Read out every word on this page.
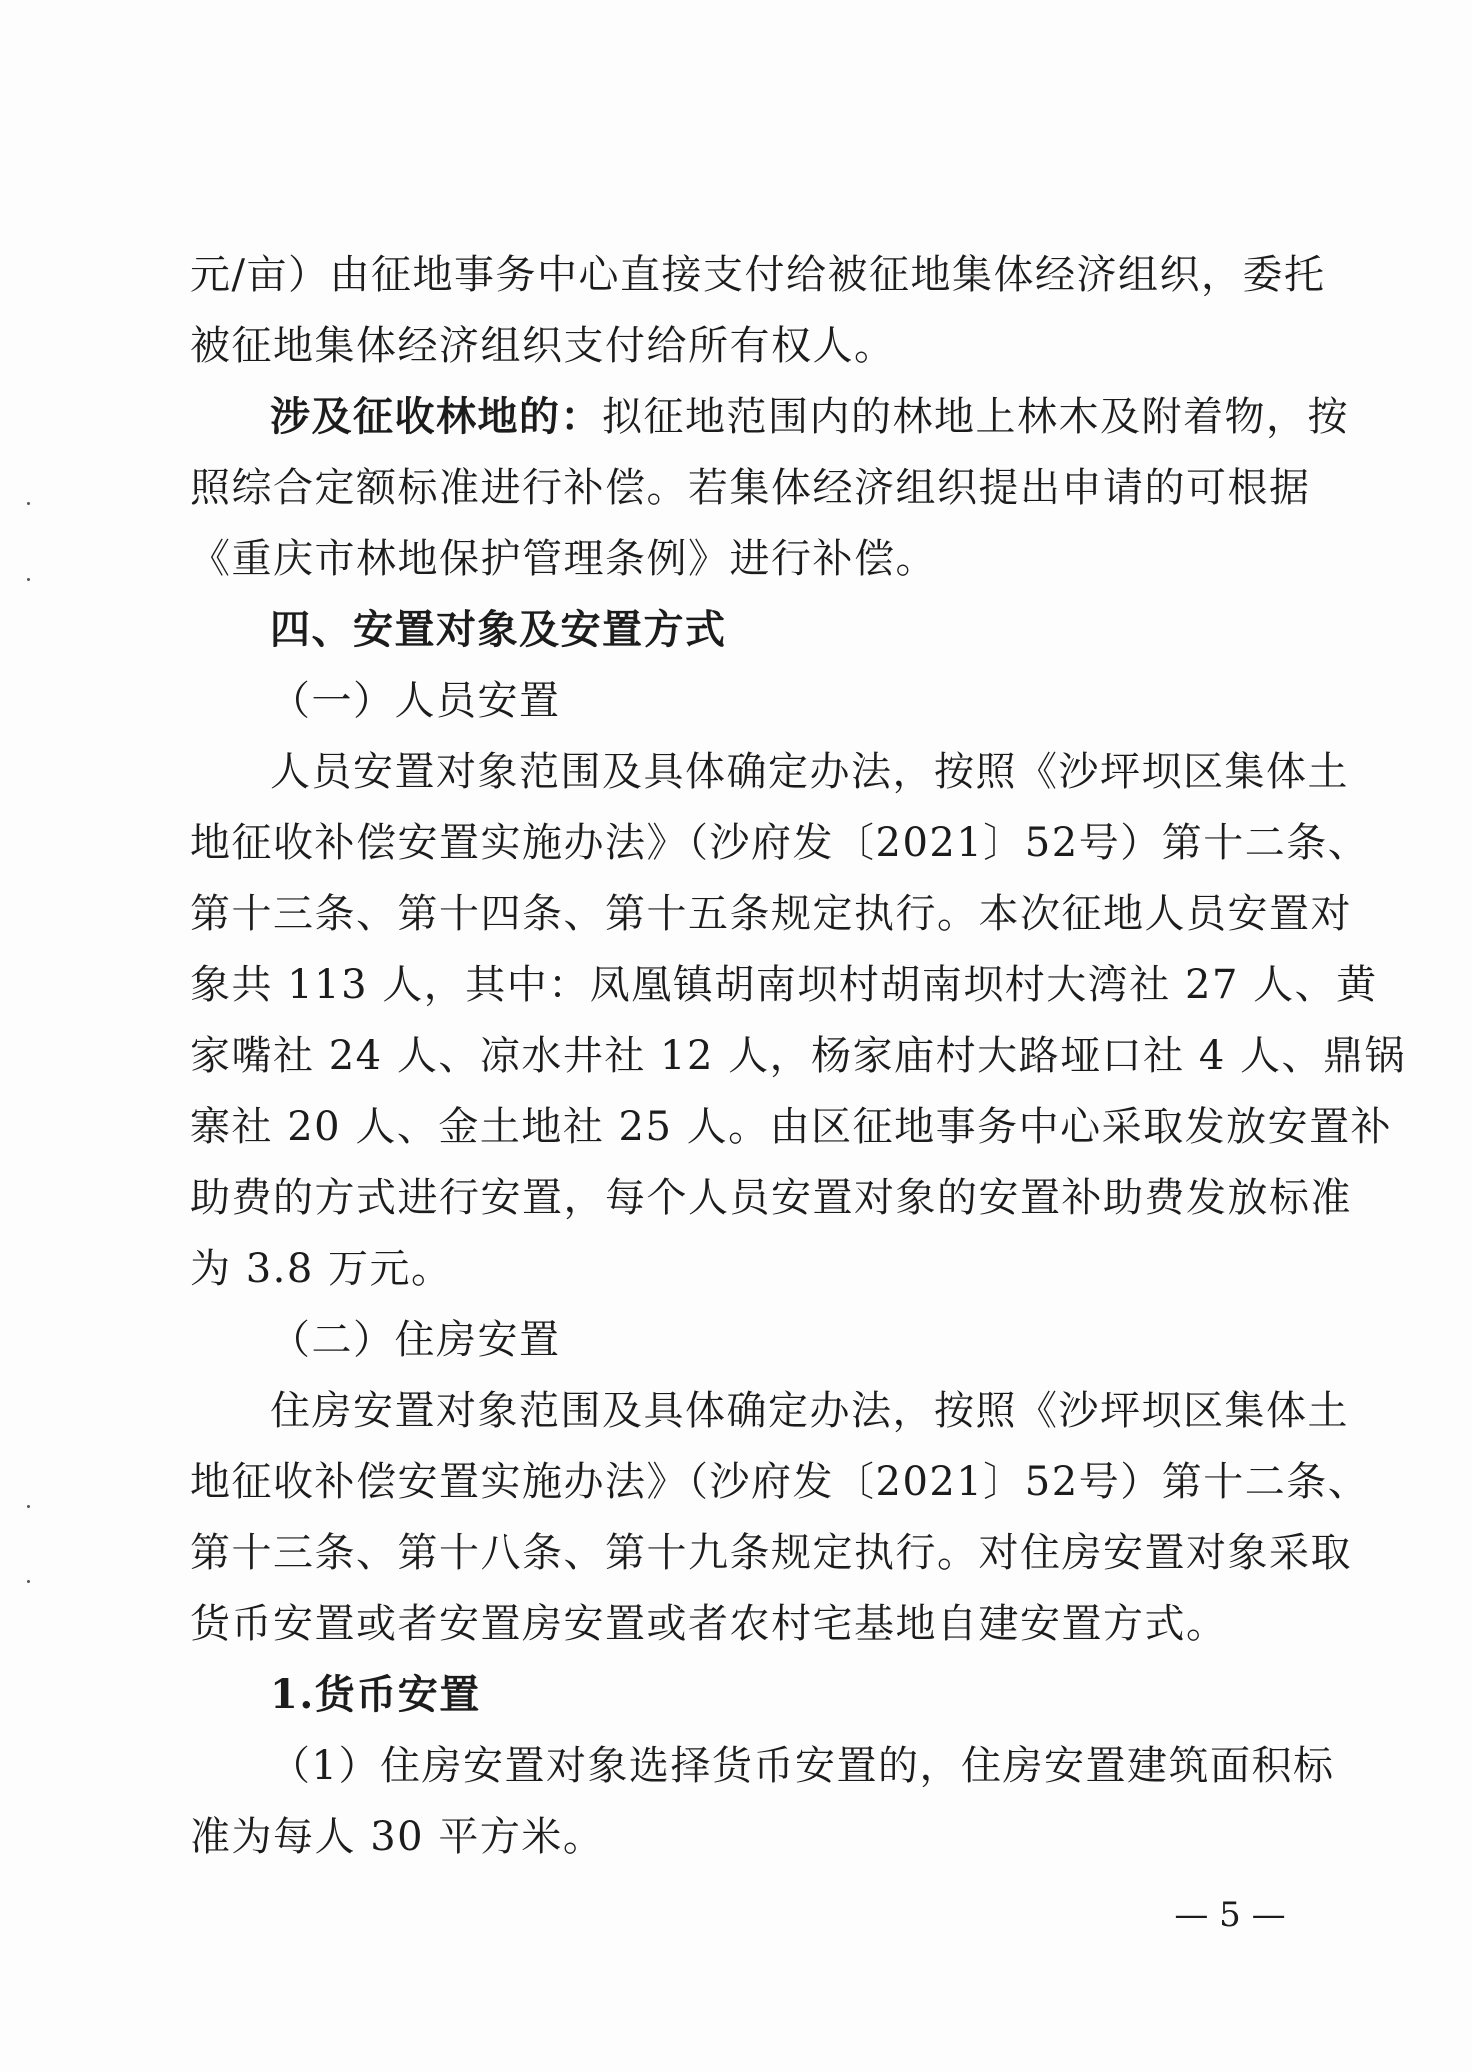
元/亩）由征地事务中心直接支付给被征地集体经济组织，委托
被征地集体经济组织支付给所有权人。
涉及征收林地的：拟征地范围内的林地上林木及附着物，按
照综合定额标准进行补偿。若集体经济组织提出申请的可根据
《重庆市林地保护管理条例》进行补偿。
四、安置对象及安置方式
（一）人员安置
人员安置对象范围及具体确定办法，按照《沙坪坝区集体土
地征收补偿安置实施办法》（沙府发〔2021〕52号）第十二条、
第十三条、第十四条、第十五条规定执行。本次征地人员安置对
象共 113 人，其中：凤凰镇胡南坝村胡南坝村大湾社 27 人、黄
家嘴社 24 人、凉水井社 12 人，杨家庙村大路垭口社 4 人、鼎锅
寨社 20 人、金土地社 25 人。由区征地事务中心采取发放安置补
助费的方式进行安置，每个人员安置对象的安置补助费发放标准
为 3.8 万元。
（二）住房安置
住房安置对象范围及具体确定办法，按照《沙坪坝区集体土
地征收补偿安置实施办法》（沙府发〔2021〕52号）第十二条、
第十三条、第十八条、第十九条规定执行。对住房安置对象采取
货币安置或者安置房安置或者农村宅基地自建安置方式。
1.货币安置
（1）住房安置对象选择货币安置的，住房安置建筑面积标
准为每人 30 平方米。
— 5 —
